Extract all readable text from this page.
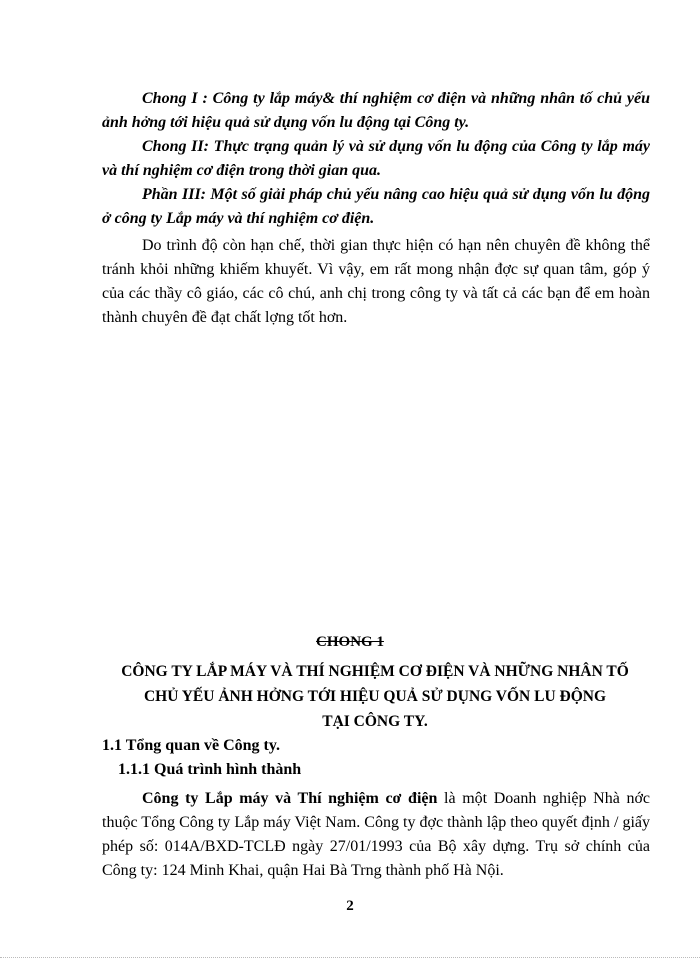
Chong I : Công ty lắp máy& thí nghiệm cơ điện và những nhân tố chủ yếu ảnh hởng tới hiệu quả sử dụng vốn lu động tại Công ty.

Chong II: Thực trạng quản lý và sử dụng vốn lu động của Công ty lắp máy và thí nghiệm cơ điện trong thời gian qua.

Phần III: Một số giải pháp chủ yếu nâng cao hiệu quả sử dụng vốn lu động ở công ty Lắp máy và thí nghiệm cơ điện.

Do trình độ còn hạn chế, thời gian thực hiện có hạn nên chuyên đề không thể tránh khỏi những khiếm khuyết. Vì vậy, em rất mong nhận đợc sự quan tâm, góp ý của các thầy cô giáo, các cô chú, anh chị trong công ty và tất cả các bạn để em hoàn thành chuyên đề đạt chất lợng tốt hơn.

CHONG 1
CÔNG TY LẮP MÁY VÀ THÍ NGHIỆM CƠ ĐIỆN VÀ NHỮNG NHÂN TỐ
CHỦ YẾU ẢNH HỞNG TỚI HIỆU QUẢ SỬ DỤNG VỐN LU ĐỘNG
TẠI CÔNG TY.
1.1 Tổng quan về Công ty.
1.1.1 Quá trình hình thành

Công ty Lắp máy và Thí nghiệm cơ điện là một Doanh nghiệp Nhà nớc thuộc Tổng Công ty Lắp máy Việt Nam. Công ty đợc thành lập theo quyết định / giấy phép số: 014A/BXD-TCLĐ ngày 27/01/1993 của Bộ xây dựng. Trụ sở chính của Công ty: 124 Minh Khai, quận Hai Bà Trng thành phố Hà Nội.

2
